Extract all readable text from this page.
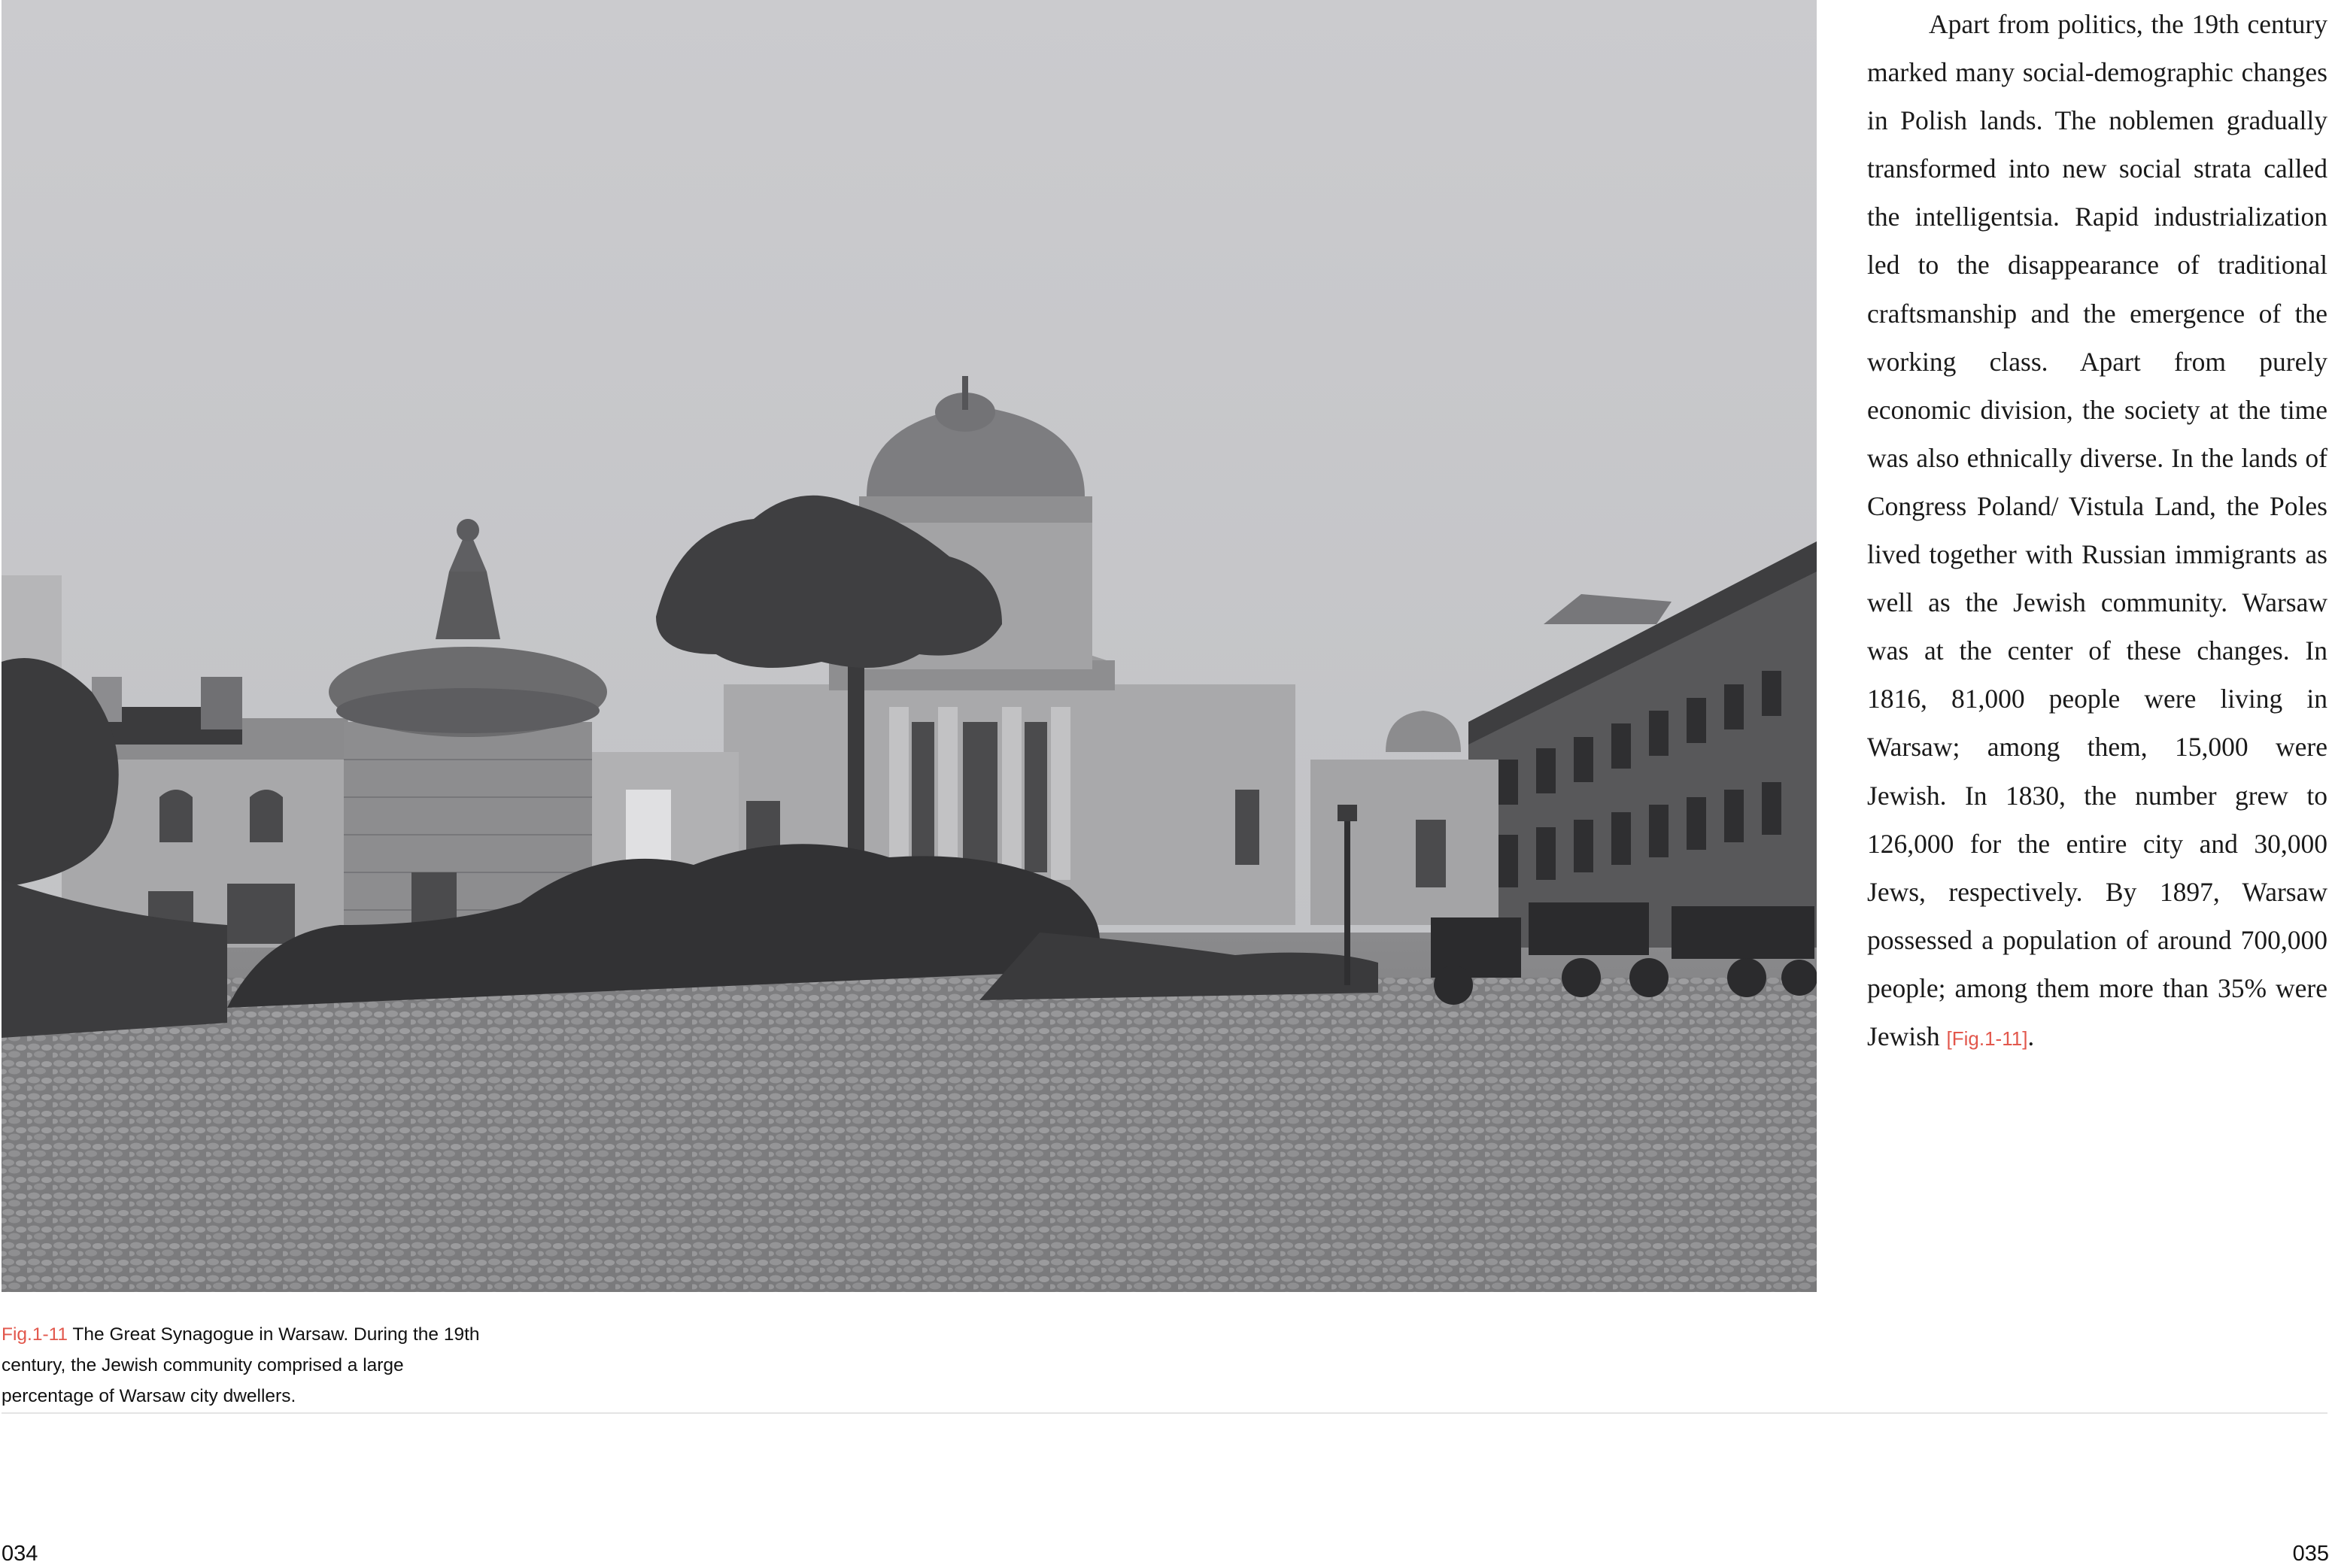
Fig.1-11 The Great Synagogue in Warsaw. During the 19th century, the Jewish community comprised a large percentage of Warsaw city dwellers.

Apart from politics, the 19th century marked many social-demographic changes in Polish lands. The noblemen gradually transformed into new social strata called the intelligentsia. Rapid industrialization led to the disappearance of traditional craftsmanship and the emergence of the working class. Apart from purely economic division, the society at the time was also ethnically diverse. In the lands of Congress Poland/ Vistula Land, the Poles lived together with Russian immigrants as well as the Jewish community. Warsaw was at the center of these changes. In 1816, 81,000 people were living in Warsaw; among them, 15,000 were Jewish. In 1830, the number grew to 126,000 for the entire city and 30,000 Jews, respectively. By 1897, Warsaw possessed a population of around 700,000 people; among them more than 35% were Jewish [Fig.1-11].

034	035
